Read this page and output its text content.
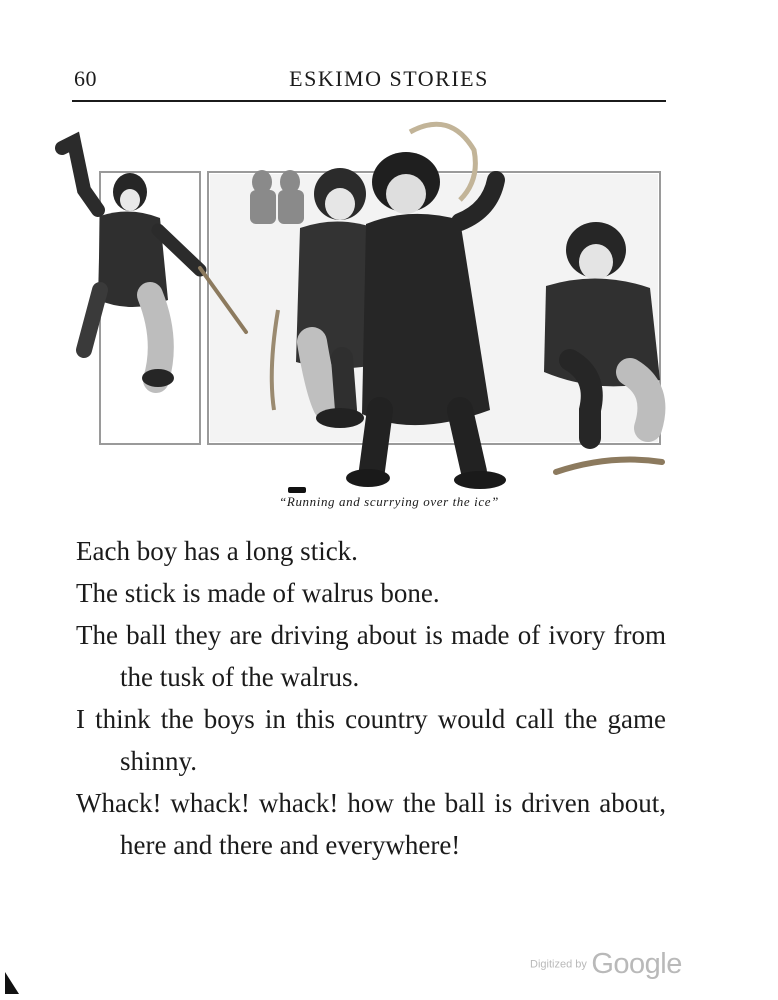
60	ESKIMO STORIES
“Running and scurrying over the ice”

Each boy has a long stick.

The stick is made of walrus bone.

The ball they are driving about is made of ivory from the tusk of the walrus.

I think the boys in this country would call the game shinny.

Whack! whack! whack! how the ball is driven about, here and there and everywhere!

Digitized by Google
